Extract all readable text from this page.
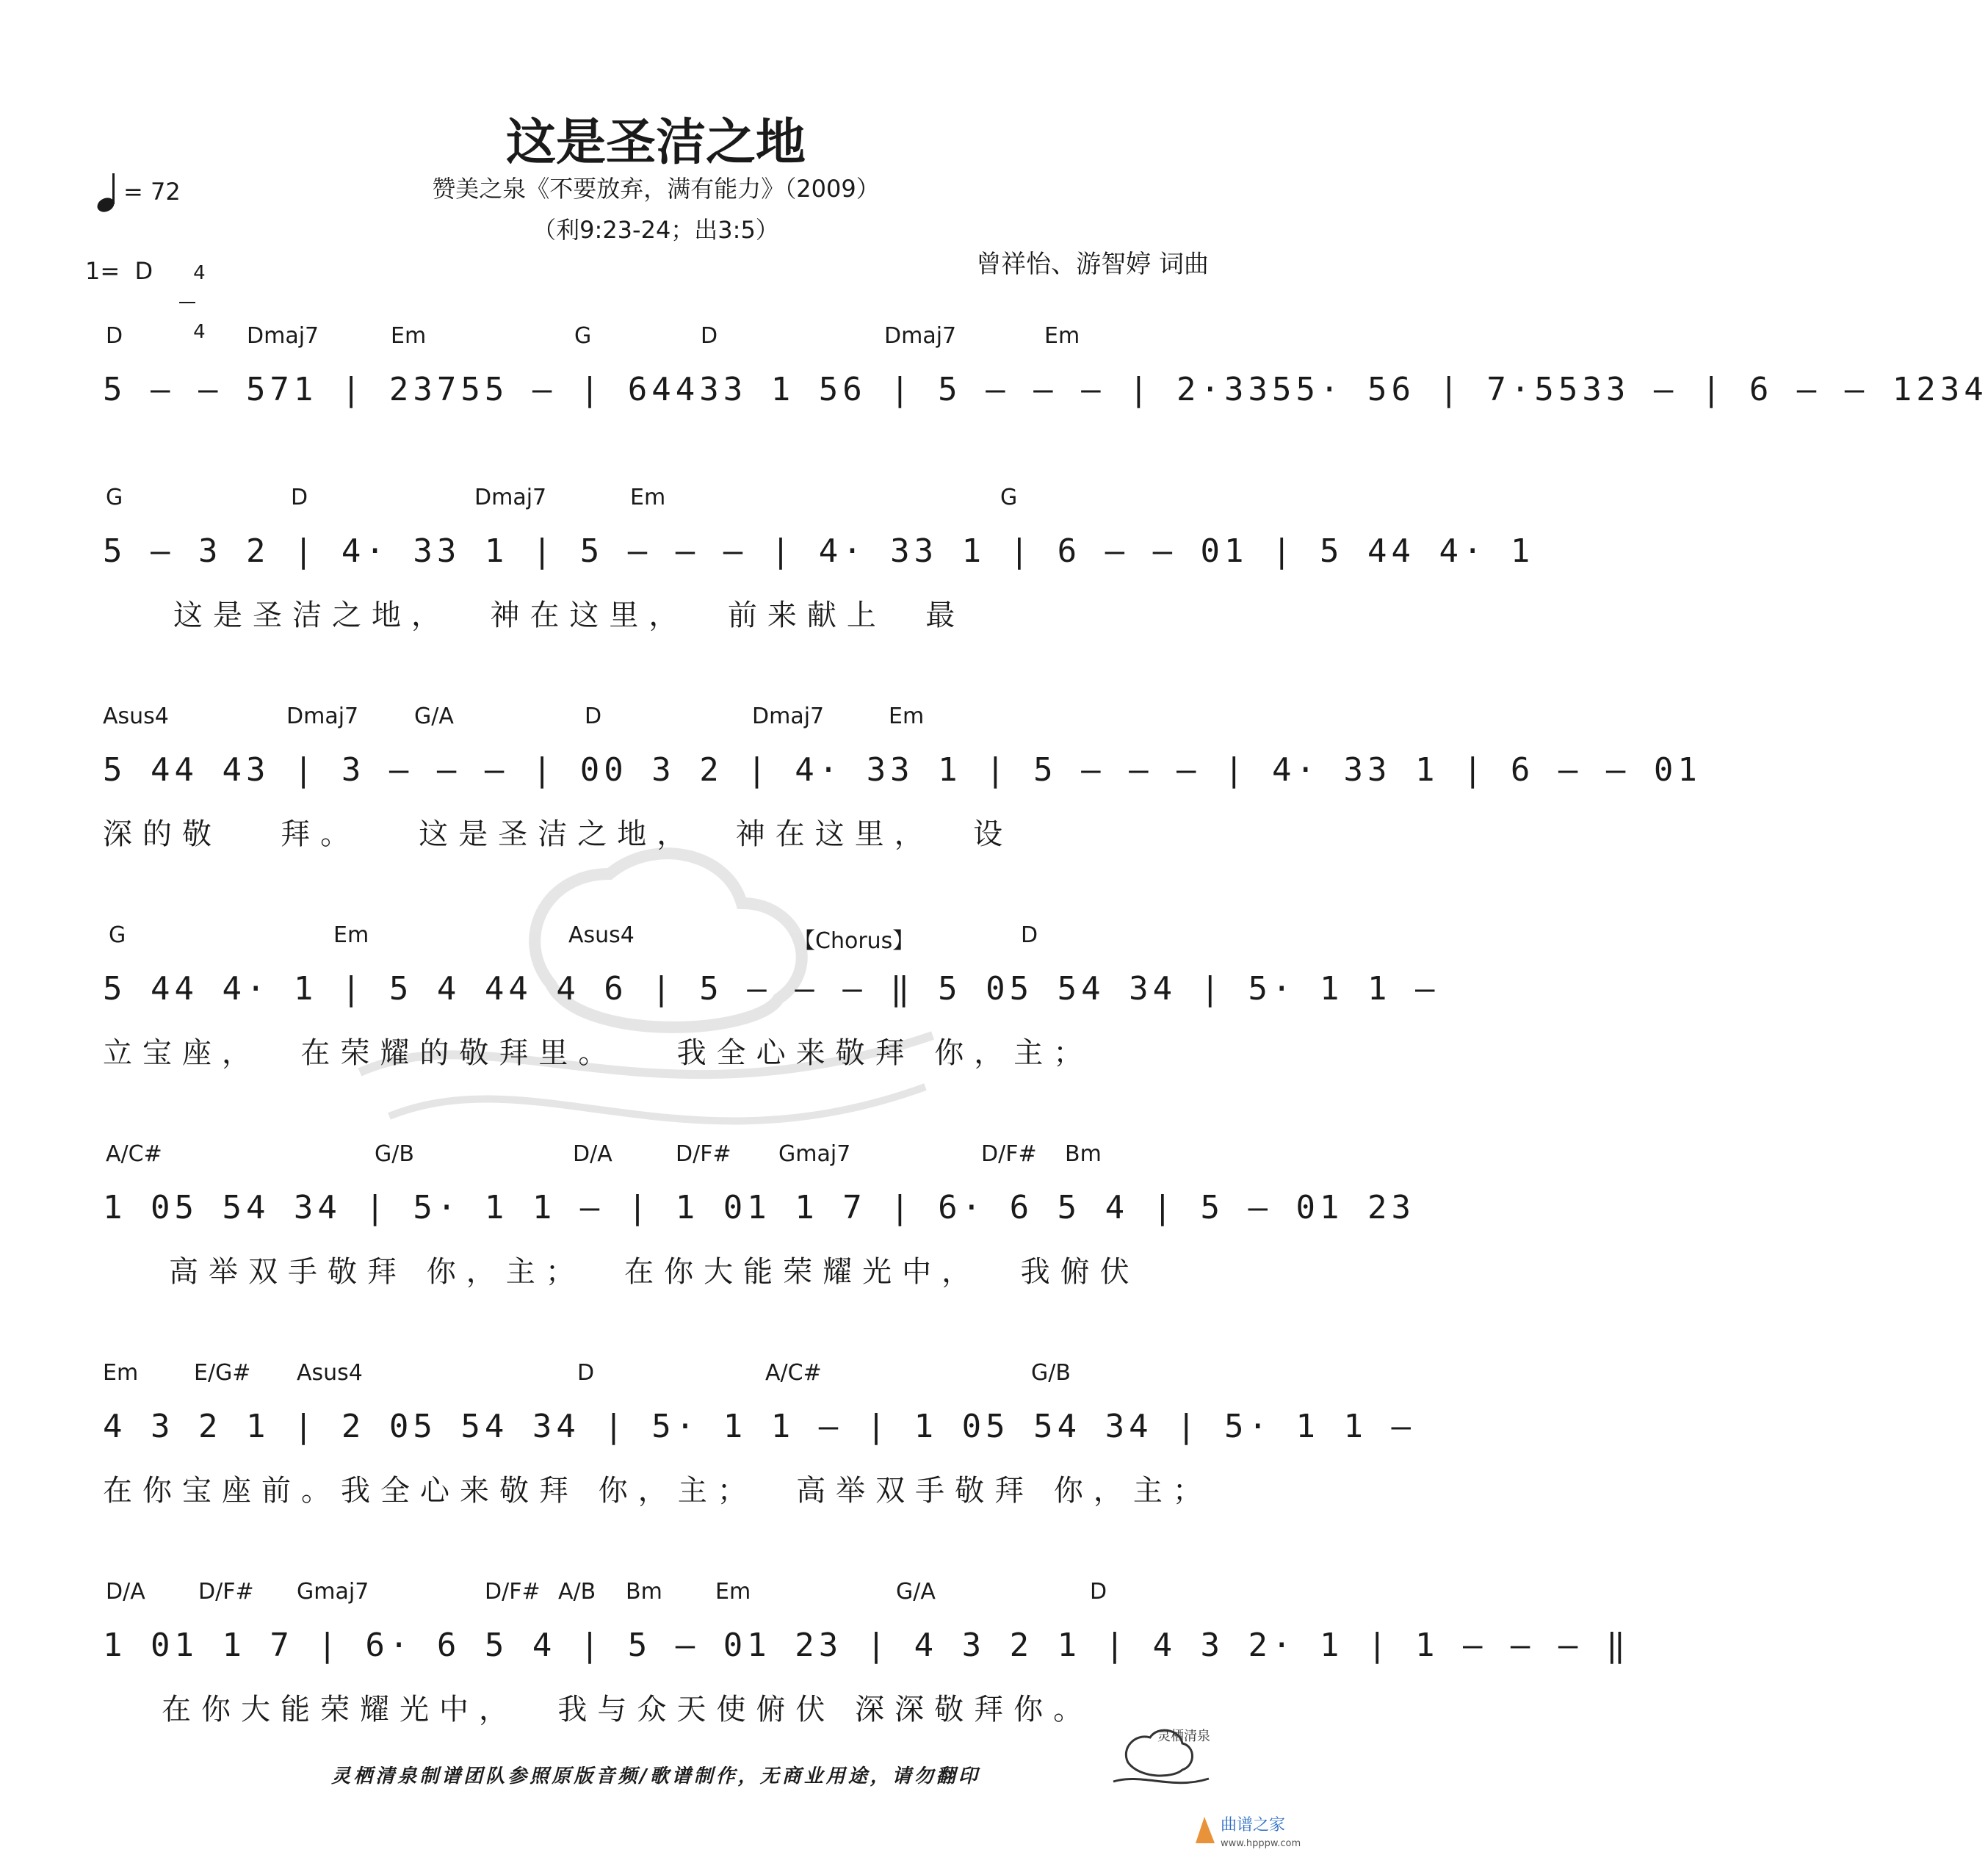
这是圣洁之地
赞美之泉《不要放弃，满有能力》（2009）
（利9:23-24；出3:5）

= 72

1=  D	4

4

曾祥怡、游智婷 词曲
D	Dmaj7	Em	G	D	Dmaj7	Em
5 — — 571 | 23755 — | 64433 1 56 | 5 — — — | 2·3355· 56 | 7·5533 — | 6 — — 1234
G	D	Dmaj7	Em	G
5 — 3 2 | 4· 33 1 | 5 — — — | 4· 33 1 | 6 — — 01 | 5 44 4· 1
这是圣洁之地，  神在这里，  前来献上  最
Asus4	Dmaj7	G/A	D	Dmaj7	Em
5 44 43 | 3 — — — | 00 3 2 | 4· 33 1 | 5 — — — | 4· 33 1 | 6 — — 01
深的敬   拜。   这是圣洁之地，  神在这里，  设
G	Em	Asus4	【Chorus】	D
5 44 4· 1 | 5 4 44 4 6 | 5 — — — ‖ 5 05 54 34 | 5· 1 1 —
立宝座，  在荣耀的敬拜里。   我全心来敬拜 你，主；
A/C#	G/B	D/A	D/F# Gmaj7	D/F# Bm
1 05 54 34 | 5· 1 1 — | 1 01 1 7 | 6· 6 5 4 | 5 — 01 23
高举双手敬拜 你，主；  在你大能荣耀光中，  我俯伏
Em	E/G# Asus4	D	A/C#	G/B
4 3 2 1 | 2 05 54 34 | 5· 1 1 — | 1 05 54 34 | 5· 1 1 —
在你宝座前。我全心来敬拜 你，主；  高举双手敬拜 你，主；
D/A D/F# Gmaj7	D/F# A/B Bm Em	G/A	D
1 01 1 7 | 6· 6 5 4 | 5 — 01 23 | 4 3 2 1 | 4 3 2· 1 | 1 — — — ‖
在你大能荣耀光中，  我与众天使俯伏 深深敬拜你。
灵栖清泉制谱团队参照原版音频/歌谱制作，无商业用途，请勿翻印
灵栖清泉
曲谱之家
www.hpppw.com
